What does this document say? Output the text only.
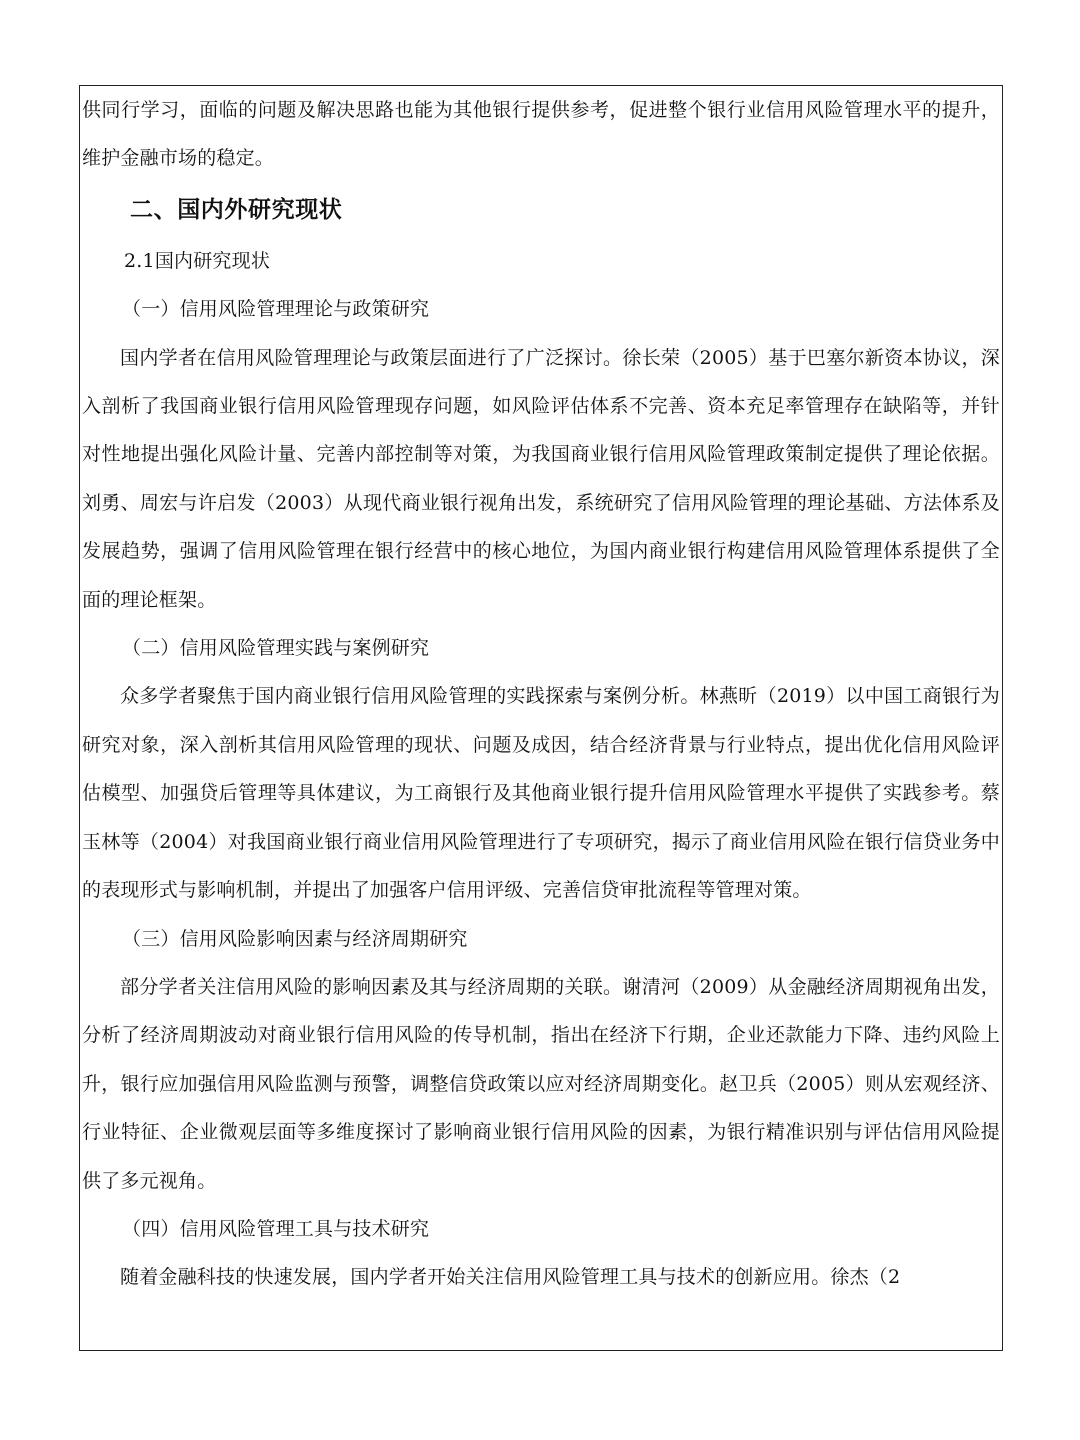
供同行学习，面临的问题及解决思路也能为其他银行提供参考，促进整个银行业信用风险管理水平的提升，维护金融市场的稳定。

二、国内外研究现状

2.1国内研究现状

（一）信用风险管理理论与政策研究

国内学者在信用风险管理理论与政策层面进行了广泛探讨。徐长荣（2005）基于巴塞尔新资本协议，深入剖析了我国商业银行信用风险管理现存问题，如风险评估体系不完善、资本充足率管理存在缺陷等，并针对性地提出强化风险计量、完善内部控制等对策，为我国商业银行信用风险管理政策制定提供了理论依据。刘勇、周宏与许启发（2003）从现代商业银行视角出发，系统研究了信用风险管理的理论基础、方法体系及发展趋势，强调了信用风险管理在银行经营中的核心地位，为国内商业银行构建信用风险管理体系提供了全面的理论框架。

（二）信用风险管理实践与案例研究

众多学者聚焦于国内商业银行信用风险管理的实践探索与案例分析。林燕昕（2019）以中国工商银行为研究对象，深入剖析其信用风险管理的现状、问题及成因，结合经济背景与行业特点，提出优化信用风险评估模型、加强贷后管理等具体建议，为工商银行及其他商业银行提升信用风险管理水平提供了实践参考。蔡玉林等（2004）对我国商业银行商业信用风险管理进行了专项研究，揭示了商业信用风险在银行信贷业务中的表现形式与影响机制，并提出了加强客户信用评级、完善信贷审批流程等管理对策。

（三）信用风险影响因素与经济周期研究

部分学者关注信用风险的影响因素及其与经济周期的关联。谢清河（2009）从金融经济周期视角出发，分析了经济周期波动对商业银行信用风险的传导机制，指出在经济下行期，企业还款能力下降、违约风险上升，银行应加强信用风险监测与预警，调整信贷政策以应对经济周期变化。赵卫兵（2005）则从宏观经济、行业特征、企业微观层面等多维度探讨了影响商业银行信用风险的因素，为银行精准识别与评估信用风险提供了多元视角。

（四）信用风险管理工具与技术研究

随着金融科技的快速发展，国内学者开始关注信用风险管理工具与技术的创新应用。徐杰（2
